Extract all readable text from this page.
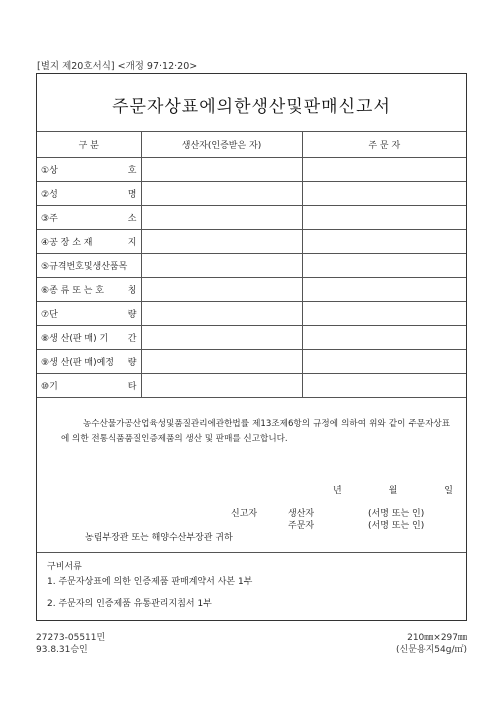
[별지 제20호서식] <개정 97·12·20>
주문자상표에의한생산및판매신고서
구 분	생산자(인증받은 자)	주 문 자

①상 호		

②성 명		

③주 소		

④공 장 소 재 지		

⑤규격번호및생산품목		

⑥종 류 또 는 호 칭		

⑦단 량		

⑧생 산(판 매) 기 간		

⑨생 산(판 매)예정 량		

⑩기 타		

농수산물가공산업육성및품질관리에관한법률 제13조제6항의 규정에 의하여 위와 같이 주문자상표에 의한 전통식품품질인증제품의 생산 및 판매를 신고합니다.
년	월	일
신고자	생산자	(서명 또는 인)
주문자	(서명 또는 인)
농림부장관 또는 해양수산부장관 귀하
구비서류
1. 주문자상표에 의한 인증제품 판매계약서 사본 1부
2. 주문자의 인증제품 유통관리지침서 1부
27273-05511민
93.8.31승인
210㎜×297㎜
(신문용지54g/㎡)
